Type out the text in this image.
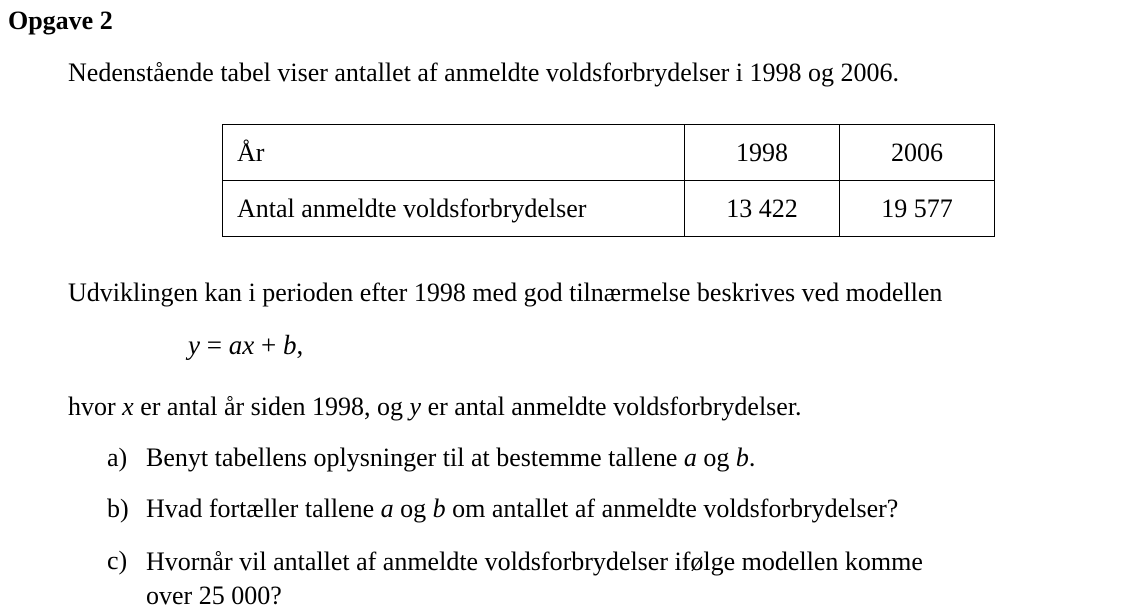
Opgave 2
Nedenstående tabel viser antallet af anmeldte voldsforbrydelser i 1998 og 2006.
År	1998	2006
Antal anmeldte voldsforbrydelser	13 422	19 577
Udviklingen kan i perioden efter 1998 med god tilnærmelse beskrives ved modellen
y = ax + b,
hvor x er antal år siden 1998, og y er antal anmeldte voldsforbrydelser.
a) Benyt tabellens oplysninger til at bestemme tallene a og b.
b) Hvad fortæller tallene a og b om antallet af anmeldte voldsforbrydelser?
c) Hvornår vil antallet af anmeldte voldsforbrydelser ifølge modellen komme
over 25 000?
